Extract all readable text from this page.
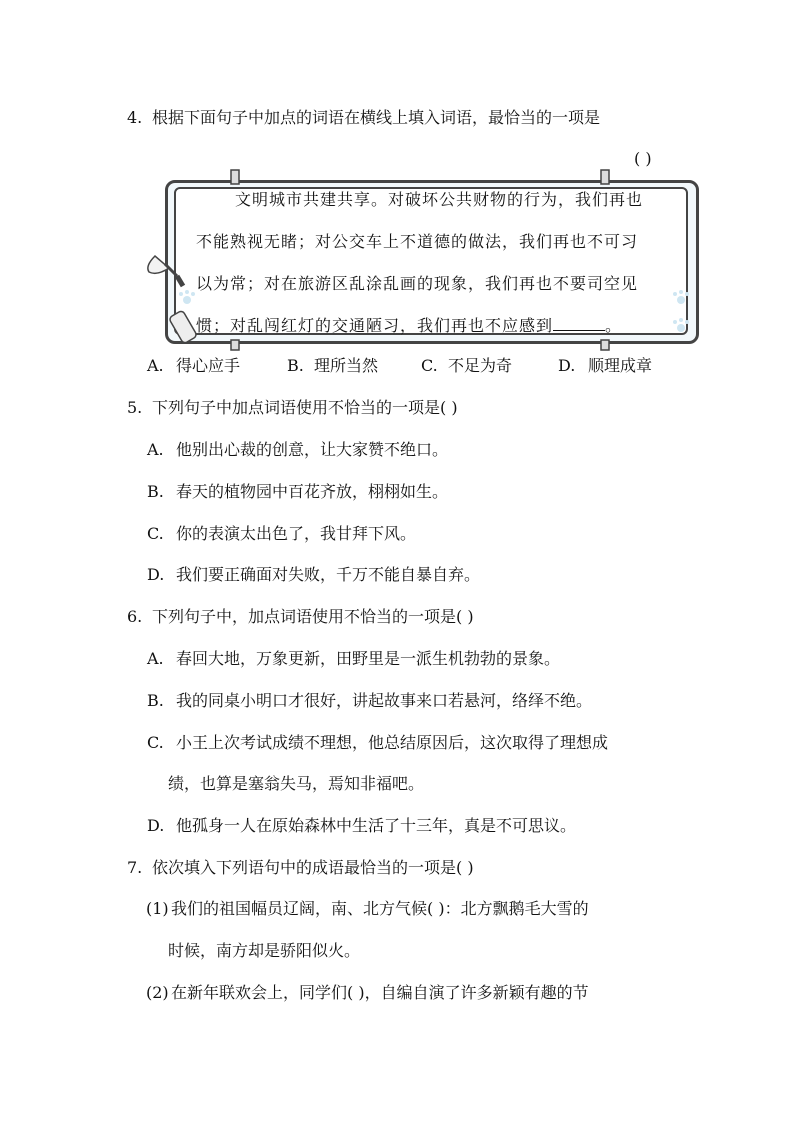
4. 根据下面句子中加点的词语在横线上填入词语，最恰当的一项是
( )
文明城市共建共享。对破坏公共财物的行为，我们再也
不能熟视无睹；对公交车上不道德的做法，我们再也不可习
以为常；对在旅游区乱涂乱画的现象，我们再也不要司空见
惯；对乱闯红灯的交通陋习，我们再也不应感到	。
A. 得心应手	B. 理所当然	C. 不足为奇	D. 顺理成章
5. 下列句子中加点词语使用不恰当的一项是( )
A. 他别出心裁的创意，让大家赞不绝口。
B. 春天的植物园中百花齐放，栩栩如生。
C. 你的表演太出色了，我甘拜下风。
D. 我们要正确面对失败，千万不能自暴自弃。
6. 下列句子中，加点词语使用不恰当的一项是( )
A. 春回大地，万象更新，田野里是一派生机勃勃的景象。
B. 我的同桌小明口才很好，讲起故事来口若悬河，络绎不绝。
C. 小王上次考试成绩不理想，他总结原因后，这次取得了理想成
绩，也算是塞翁失马，焉知非福吧。
D. 他孤身一人在原始森林中生活了十三年，真是不可思议。
7. 依次填入下列语句中的成语最恰当的一项是( )
(1) 我们的祖国幅员辽阔，南、北方气候( )：北方飘鹅毛大雪的
时候，南方却是骄阳似火。
(2) 在新年联欢会上，同学们( )，自编自演了许多新颖有趣的节
